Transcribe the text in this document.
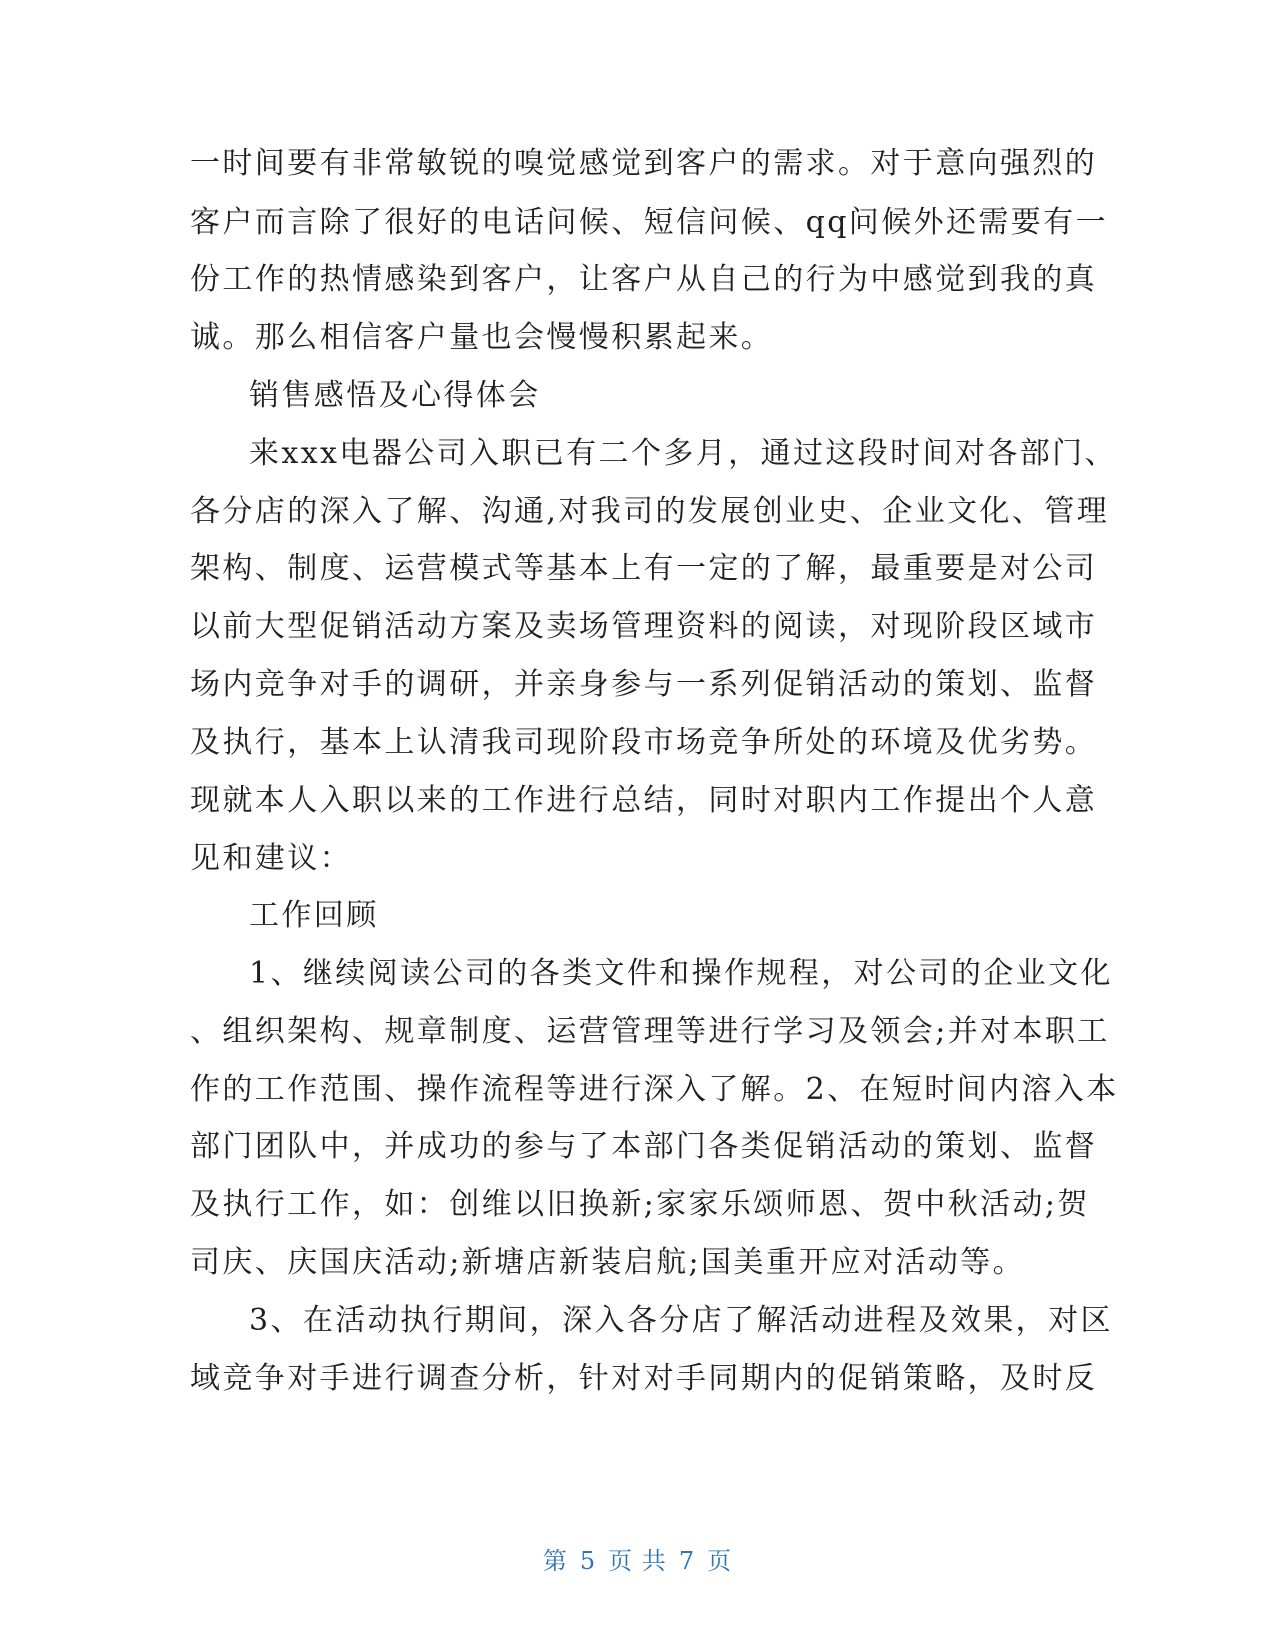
一时间要有非常敏锐的嗅觉感觉到客户的需求。对于意向强烈的
客户而言除了很好的电话问候、短信问候、qq问候外还需要有一
份工作的热情感染到客户，让客户从自己的行为中感觉到我的真
诚。那么相信客户量也会慢慢积累起来。
销售感悟及心得体会
来xxx电器公司入职已有二个多月，通过这段时间对各部门、
各分店的深入了解、沟通,对我司的发展创业史、企业文化、管理
架构、制度、运营模式等基本上有一定的了解，最重要是对公司
以前大型促销活动方案及卖场管理资料的阅读，对现阶段区域市
场内竞争对手的调研，并亲身参与一系列促销活动的策划、监督
及执行，基本上认清我司现阶段市场竞争所处的环境及优劣势。
现就本人入职以来的工作进行总结，同时对职内工作提出个人意
见和建议：
工作回顾
1、继续阅读公司的各类文件和操作规程，对公司的企业文化
、组织架构、规章制度、运营管理等进行学习及领会;并对本职工
作的工作范围、操作流程等进行深入了解。2、在短时间内溶入本
部门团队中，并成功的参与了本部门各类促销活动的策划、监督
及执行工作，如：创维以旧换新;家家乐颂师恩、贺中秋活动;贺
司庆、庆国庆活动;新塘店新装启航;国美重开应对活动等。
3、在活动执行期间，深入各分店了解活动进程及效果，对区
域竞争对手进行调查分析，针对对手同期内的促销策略，及时反
第 5 页 共 7 页
